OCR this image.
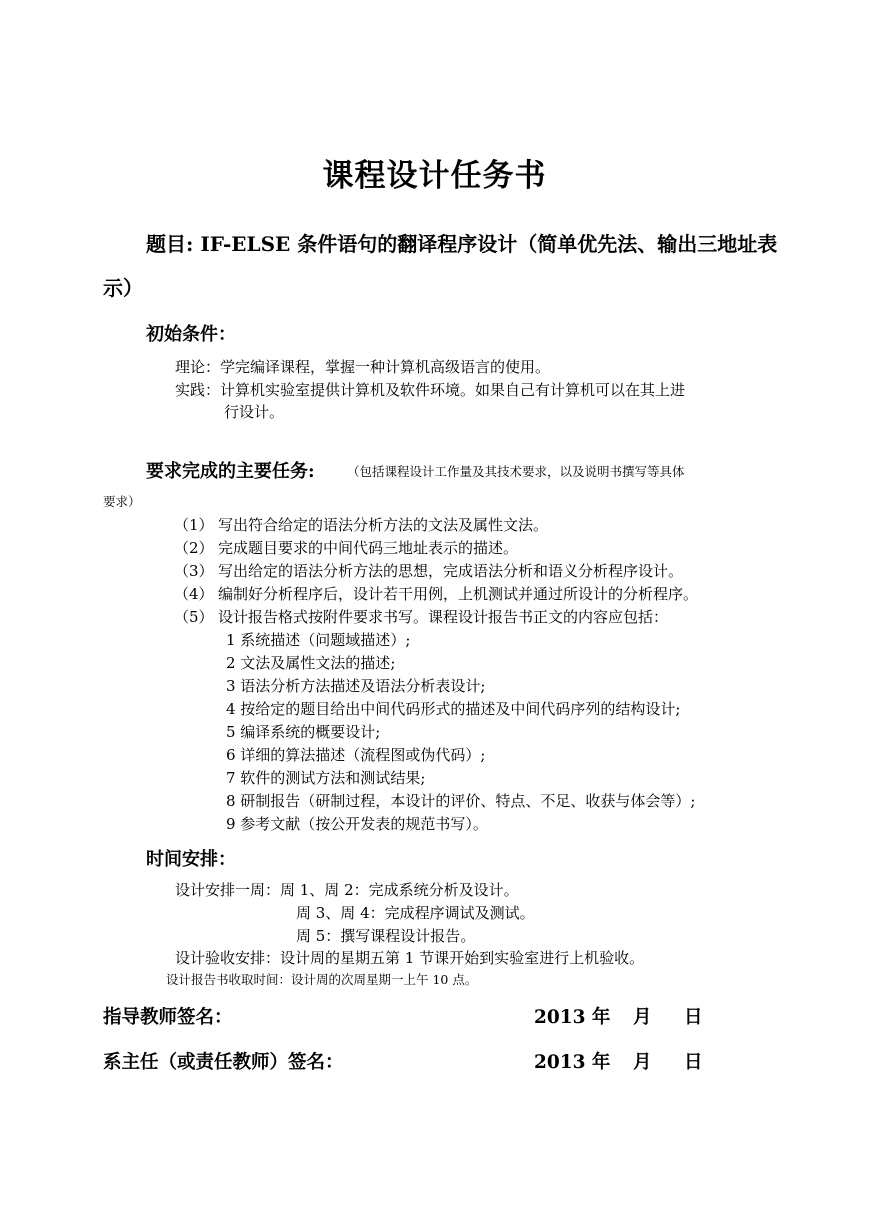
课程设计任务书
题目: IF-ELSE 条件语句的翻译程序设计（简单优先法、输出三地址表
示）
初始条件：
理论：学完编译课程，掌握一种计算机高级语言的使用。
实践：计算机实验室提供计算机及软件环境。如果自己有计算机可以在其上进
行设计。
要求完成的主要任务:	（包括课程设计工作量及其技术要求，以及说明书撰写等具体
要求）
（1） 写出符合给定的语法分析方法的文法及属性文法。
（2） 完成题目要求的中间代码三地址表示的描述。
（3） 写出给定的语法分析方法的思想，完成语法分析和语义分析程序设计。
（4） 编制好分析程序后，设计若干用例，上机测试并通过所设计的分析程序。
（5） 设计报告格式按附件要求书写。课程设计报告书正文的内容应包括：
1 系统描述（问题域描述）;
2 文法及属性文法的描述;
3 语法分析方法描述及语法分析表设计;
4 按给定的题目给出中间代码形式的描述及中间代码序列的结构设计;
5 编译系统的概要设计;
6 详细的算法描述（流程图或伪代码）;
7 软件的测试方法和测试结果;
8 研制报告（研制过程，本设计的评价、特点、不足、收获与体会等）;
9 参考文献（按公开发表的规范书写）。
时间安排：
设计安排一周：周 1、周 2：完成系统分析及设计。
周 3、周 4：完成程序调试及测试。
周 5：撰写课程设计报告。
设计验收安排：设计周的星期五第 1 节课开始到实验室进行上机验收。
设计报告书收取时间：设计周的次周星期一上午 10 点。
指导教师签名：	2013 年 月 日
系主任（或责任教师）签名：	2013 年 月 日
